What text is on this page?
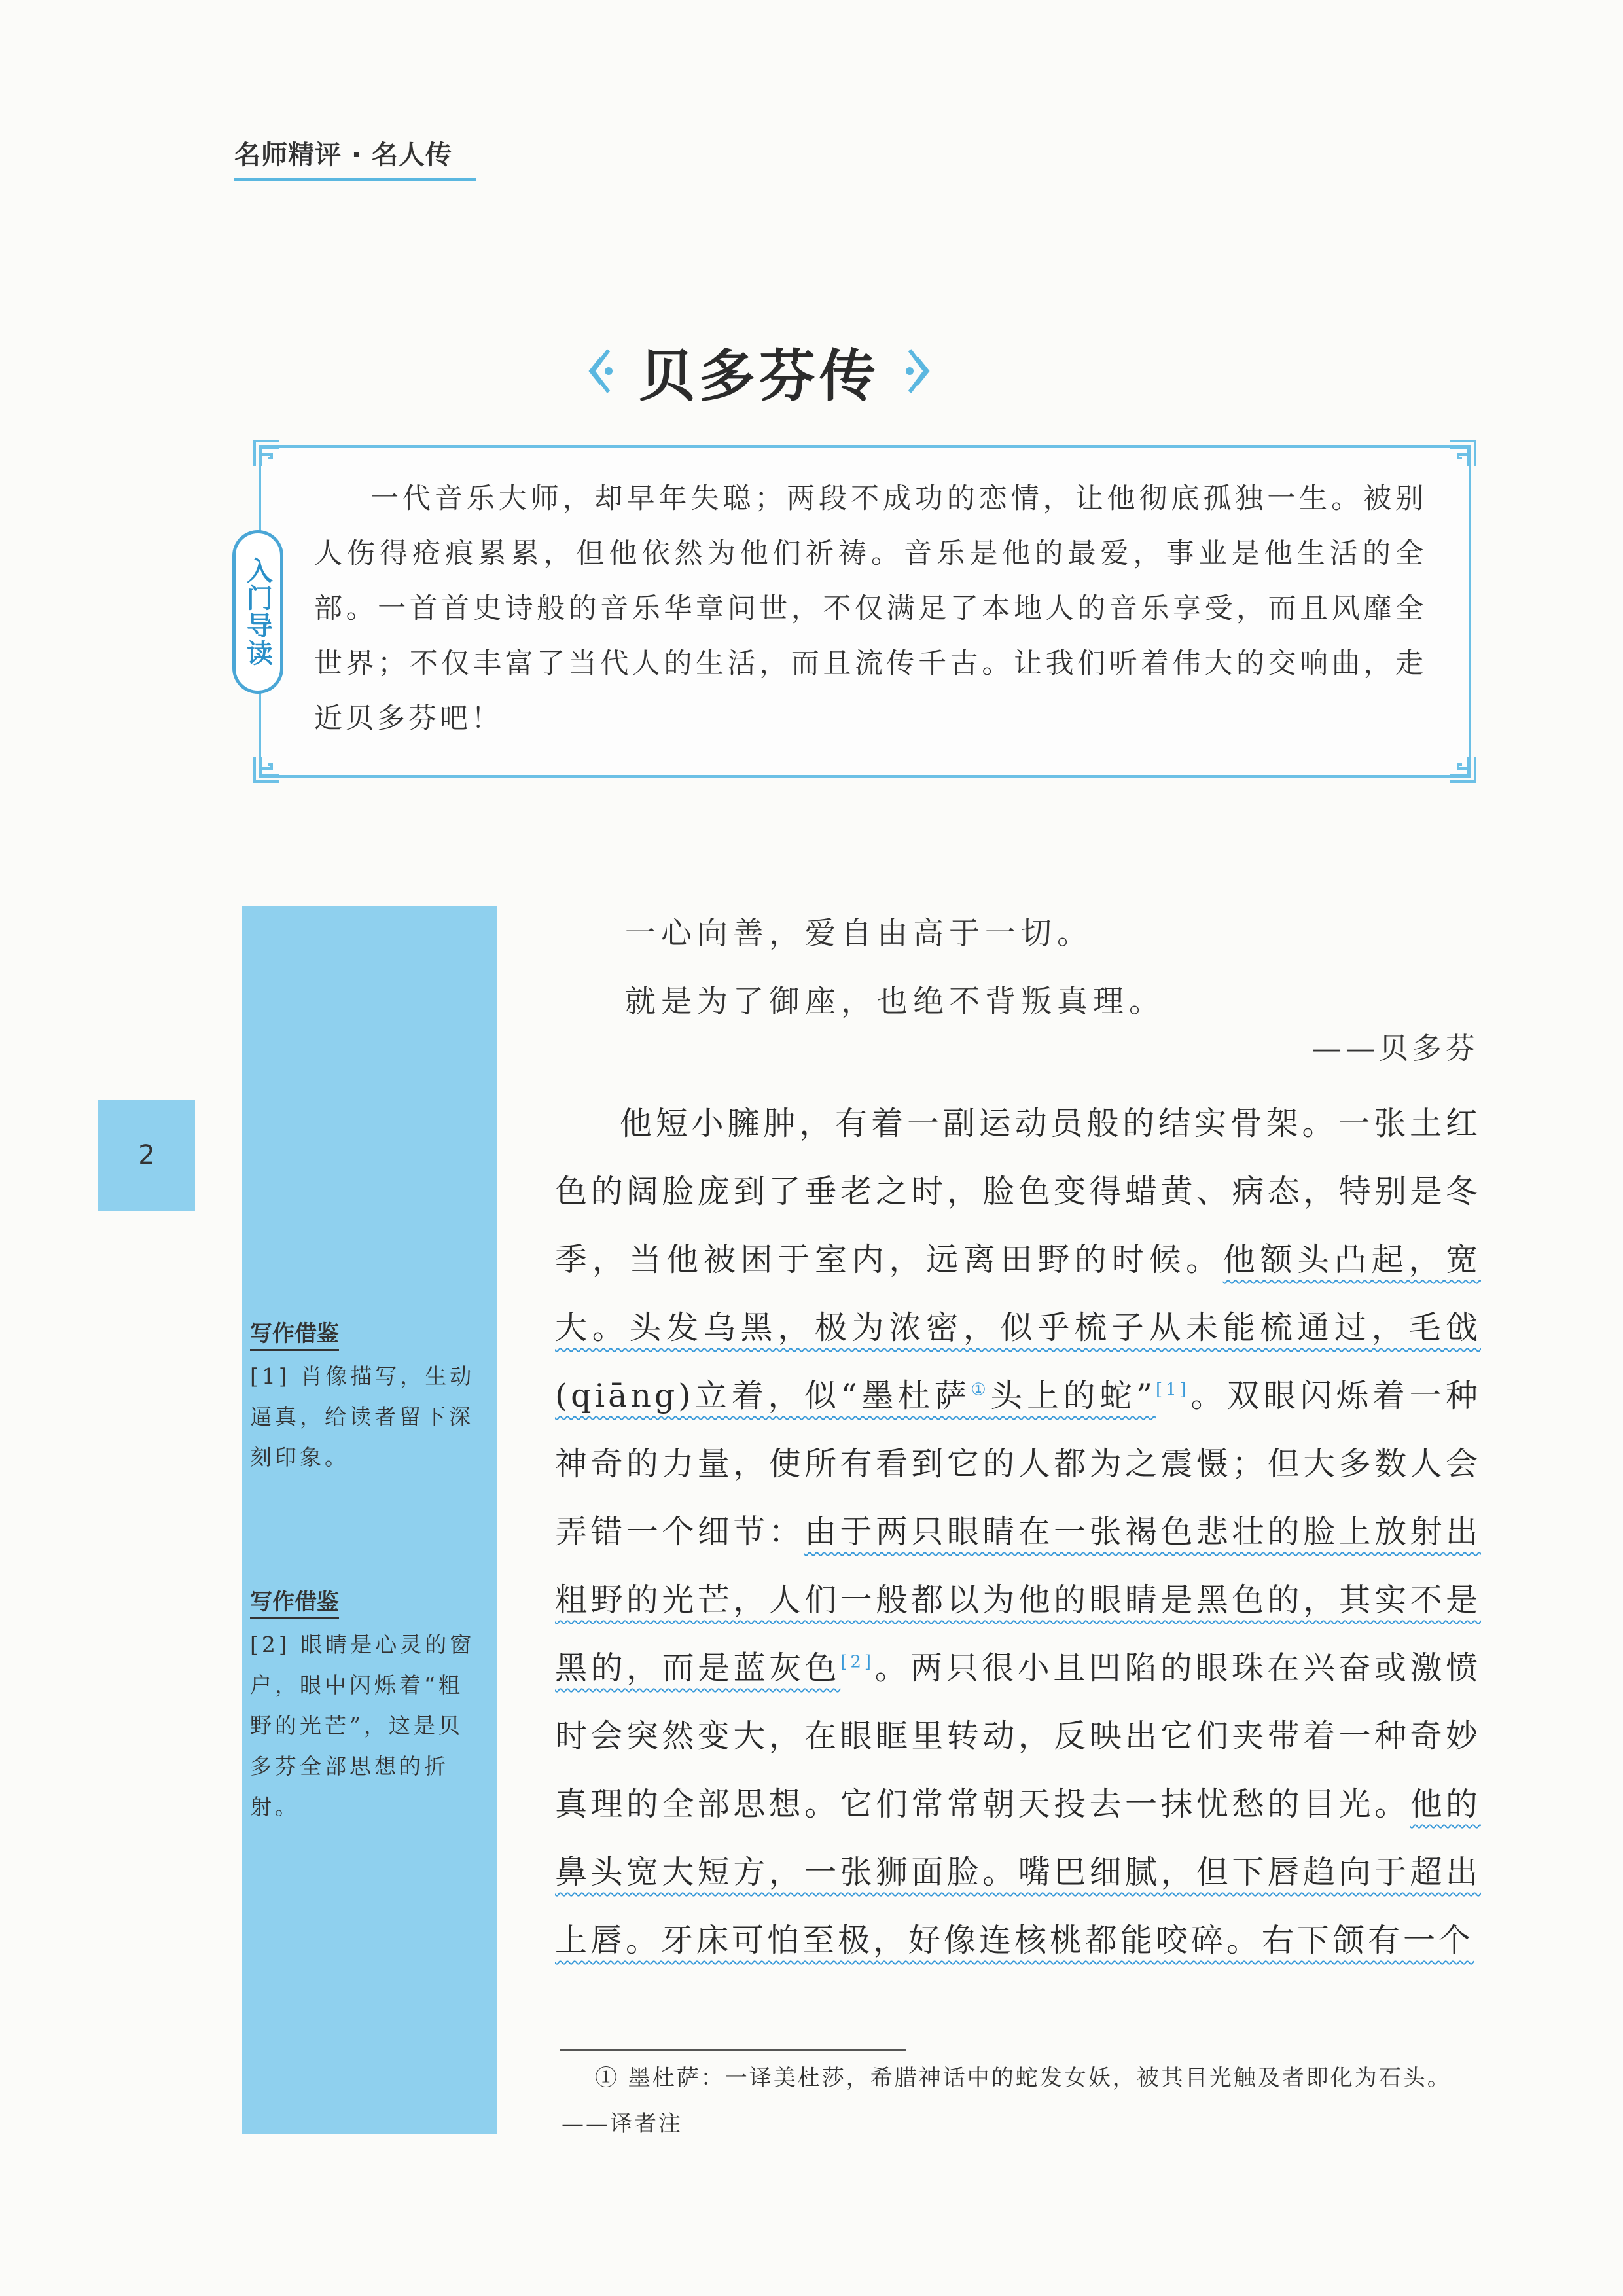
名师精评 · 名人传
贝多芬传
入门导读

一代音乐大师，却早年失聪；两段不成功的恋情，让他彻底孤独一生。被别人伤得疮痕累累，但他依然为他们祈祷。音乐是他的最爱，事业是他生活的全部。一首首史诗般的音乐华章问世，不仅满足了本地人的音乐享受，而且风靡全世界；不仅丰富了当代人的生活，而且流传千古。让我们听着伟大的交响曲，走近贝多芬吧！

2
写作借鉴

[1] 肖像描写，生动逼真，给读者留下深刻印象。

写作借鉴

[2] 眼睛是心灵的窗户，眼中闪烁着“粗野的光芒”，这是贝多芬全部思想的折射。

一心向善，爱自由高于一切。

就是为了御座，也绝不背叛真理。

——贝多芬

他短小臃肿，有着一副运动员般的结实骨架。一张土红色的阔脸庞到了垂老之时，脸色变得蜡黄、病态，特别是冬季，当他被困于室内，远离田野的时候。他额头凸起，宽大。头发乌黑，极为浓密，似乎梳子从未能梳通过，毛戗(qiāng)立着，似“墨杜萨①头上的蛇”[1]。双眼闪烁着一种神奇的力量，使所有看到它的人都为之震慑；但大多数人会弄错一个细节：由于两只眼睛在一张褐色悲壮的脸上放射出粗野的光芒，人们一般都以为他的眼睛是黑色的，其实不是黑的，而是蓝灰色[2]。两只很小且凹陷的眼珠在兴奋或激愤时会突然变大，在眼眶里转动，反映出它们夹带着一种奇妙真理的全部思想。它们常常朝天投去一抹忧愁的目光。他的鼻头宽大短方，一张狮面脸。嘴巴细腻，但下唇趋向于超出上唇。牙床可怕至极，好像连核桃都能咬碎。右下颌有一个

① 墨杜萨：一译美杜莎，希腊神话中的蛇发女妖，被其目光触及者即化为石头。——译者注
